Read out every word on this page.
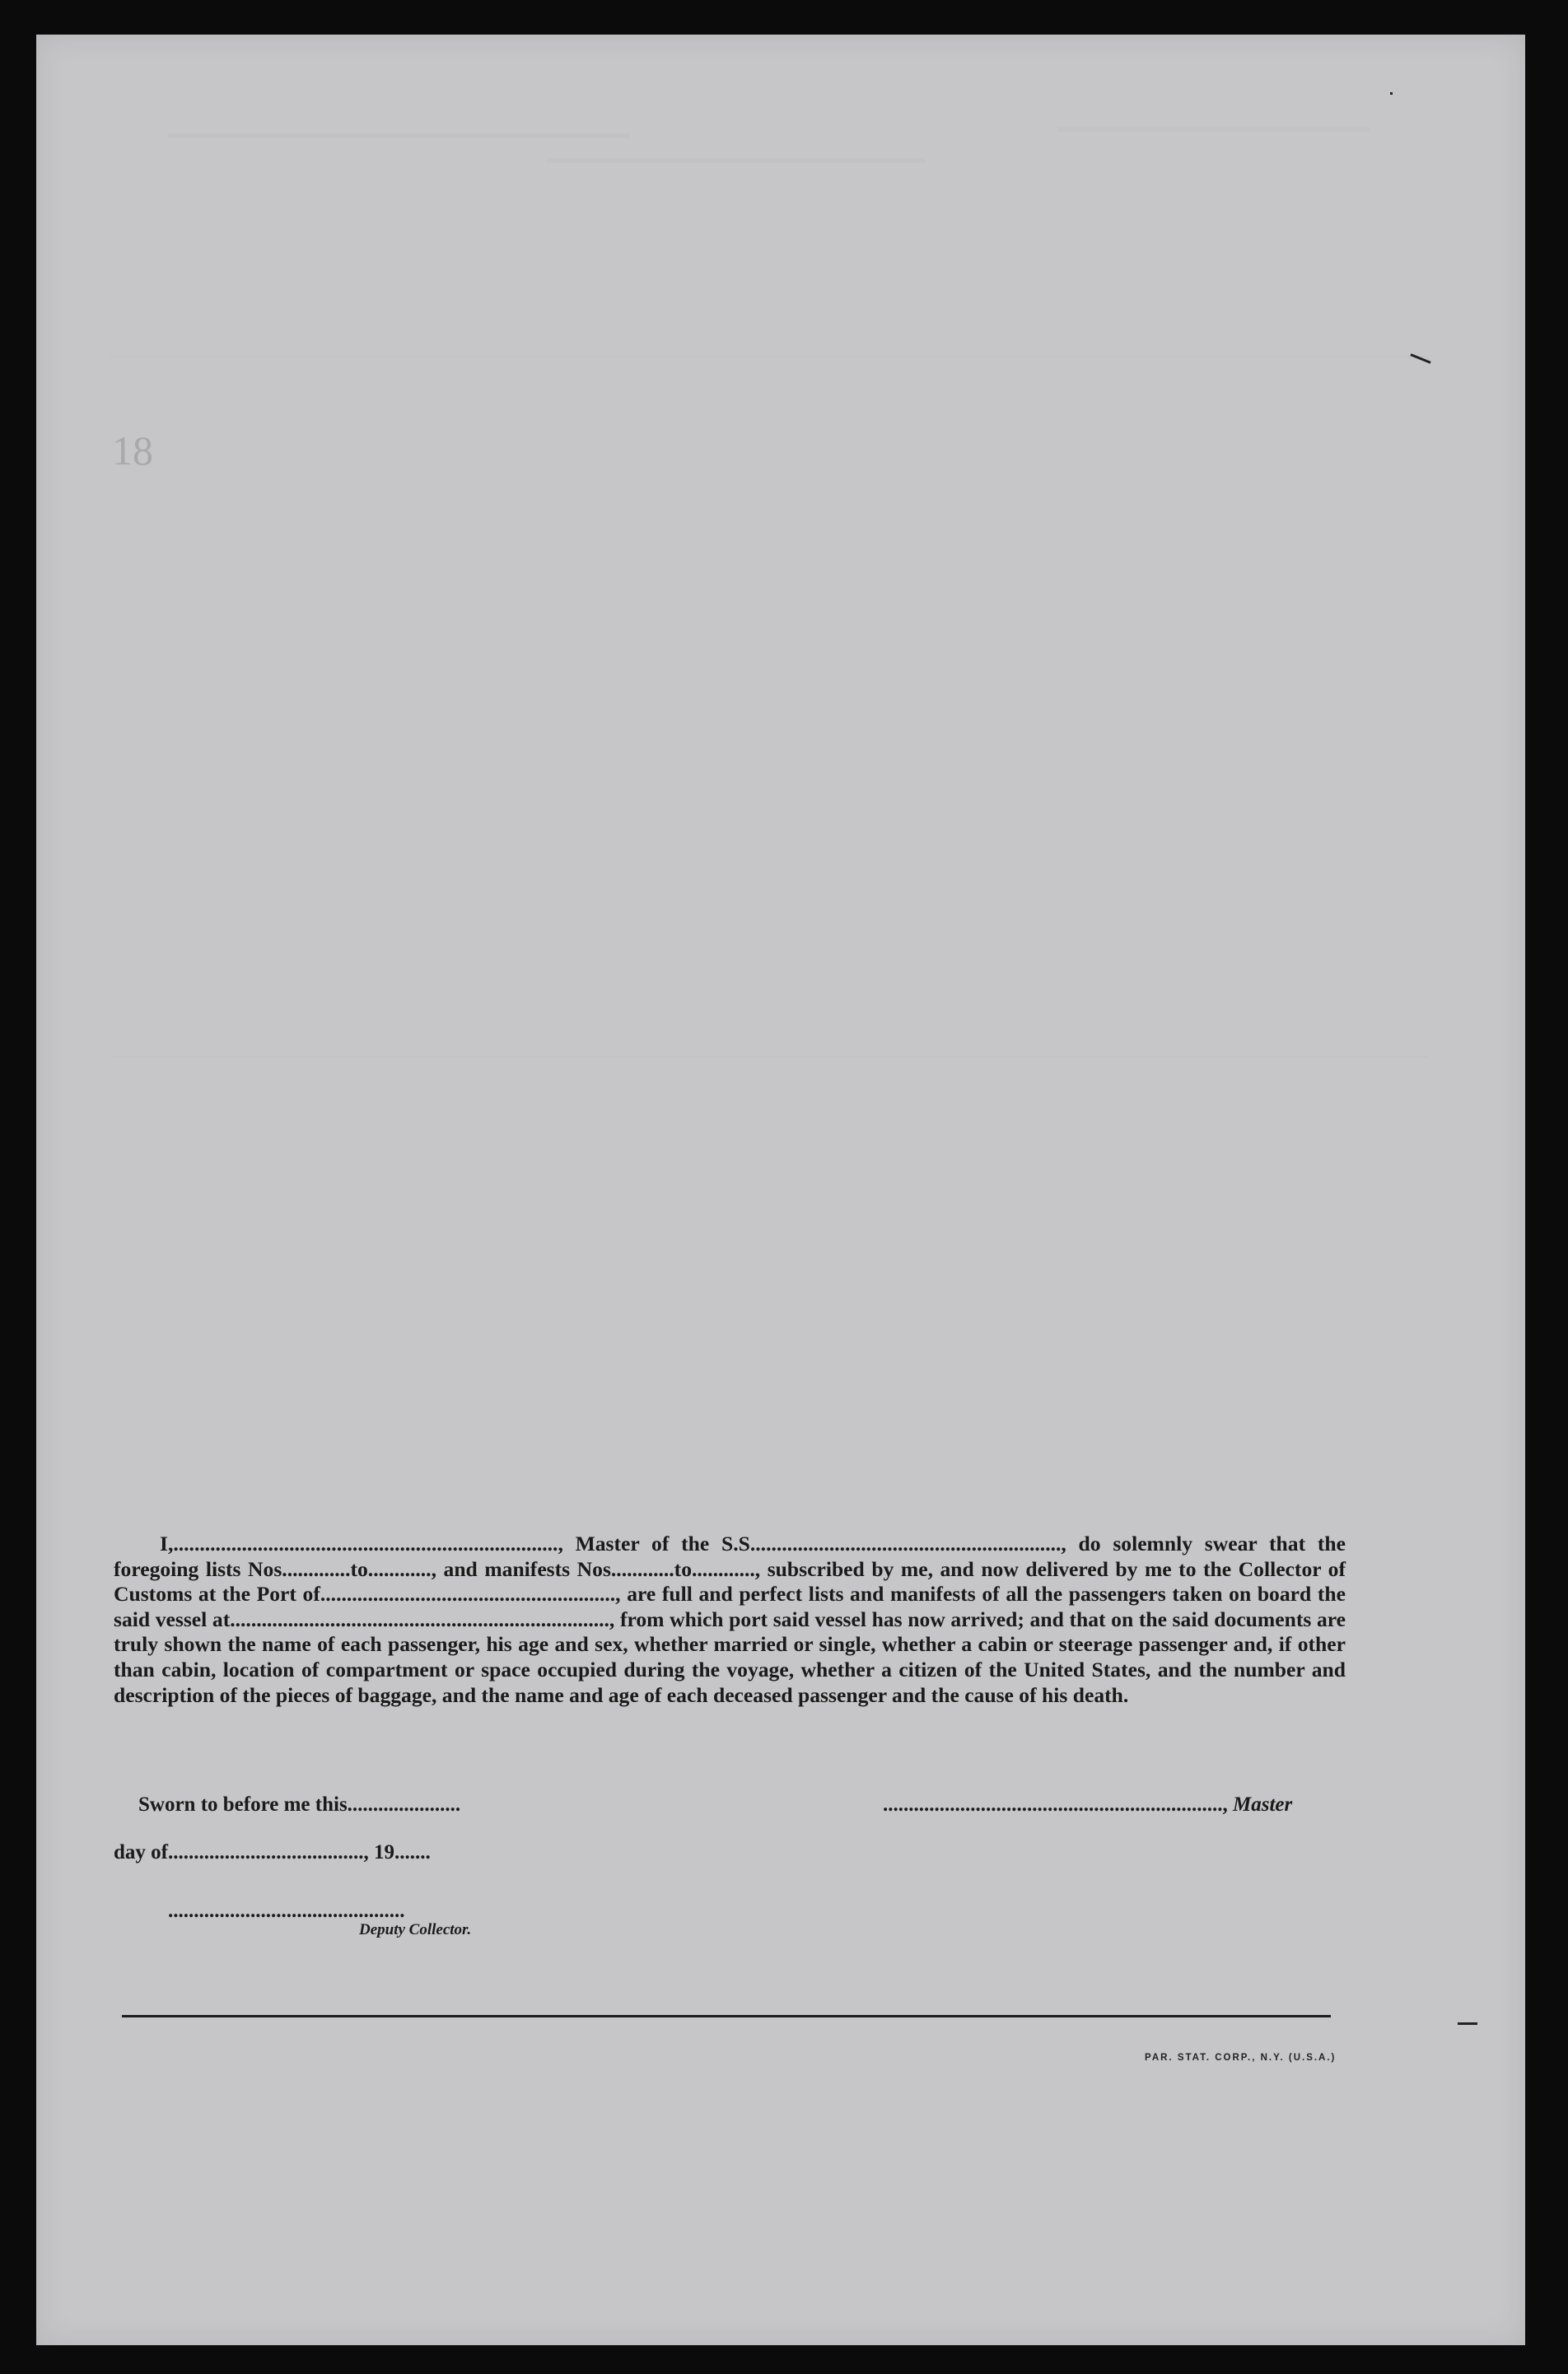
18
I,........................................................................., Master of the S.S..........................................................., do solemnly swear that the foregoing lists Nos.............to............, and manifests Nos............to............, subscribed by me, and now delivered by me to the Collector of Customs at the Port of........................................................, are full and perfect lists and manifests of all the passengers taken on board the said vessel at........................................................................, from which port said vessel has now arrived; and that on the said documents are truly shown the name of each passenger, his age and sex, whether married or single, whether a cabin or steerage passenger and, if other than cabin, location of compartment or space occupied during the voyage, whether a citizen of the United States, and the number and description of the pieces of baggage, and the name and age of each deceased passenger and the cause of his death.
Sworn to before me this......................	.................................................................., Master
day of......................................, 19.......
..............................................
Deputy Collector.
PAR. STAT. CORP., N.Y. (U.S.A.)
